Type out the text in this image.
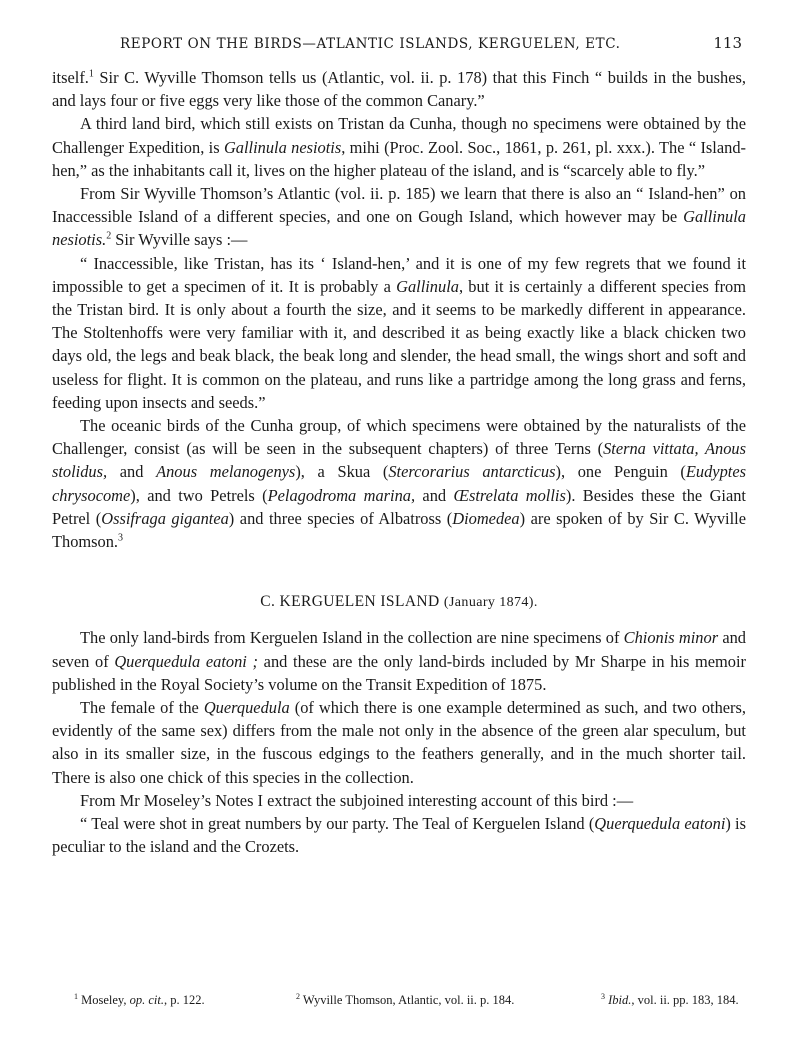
REPORT ON THE BIRDS—ATLANTIC ISLANDS, KERGUELEN, ETC.	113

itself.$^1$ Sir C. Wyville Thomson tells us (Atlantic, vol. ii. p. 178) that this Finch “ builds in the bushes, and lays four or five eggs very like those of the common Canary.”

A third land bird, which still exists on Tristan da Cunha, though no specimens were obtained by the Challenger Expedition, is Gallinula nesiotis, mihi (Proc. Zool. Soc., 1861, p. 261, pl. xxx.). The “ Island-hen,” as the inhabitants call it, lives on the higher plateau of the island, and is “scarcely able to fly.”

From Sir Wyville Thomson’s Atlantic (vol. ii. p. 185) we learn that there is also an “ Island-hen” on Inaccessible Island of a different species, and one on Gough Island, which however may be Gallinula nesiotis.$^2$ Sir Wyville says :—

“ Inaccessible, like Tristan, has its ‘ Island-hen,’ and it is one of my few regrets that we found it impossible to get a specimen of it. It is probably a Gallinula, but it is certainly a different species from the Tristan bird. It is only about a fourth the size, and it seems to be markedly different in appearance. The Stoltenhoffs were very familiar with it, and described it as being exactly like a black chicken two days old, the legs and beak black, the beak long and slender, the head small, the wings short and soft and useless for flight. It is common on the plateau, and runs like a partridge among the long grass and ferns, feeding upon insects and seeds.”

The oceanic birds of the Cunha group, of which specimens were obtained by the naturalists of the Challenger, consist (as will be seen in the subsequent chapters) of three Terns (Sterna vittata, Anous stolidus, and Anous melanogenys), a Skua (Stercorarius antarcticus), one Penguin (Eudyptes chrysocome), and two Petrels (Pelagodroma marina, and Œstrelata mollis). Besides these the Giant Petrel (Ossifraga gigantea) and three species of Albatross (Diomedea) are spoken of by Sir C. Wyville Thomson.$^3$

C. KERGUELEN ISLAND (January 1874).

The only land-birds from Kerguelen Island in the collection are nine specimens of Chionis minor and seven of Querquedula eatoni ; and these are the only land-birds included by Mr Sharpe in his memoir published in the Royal Society’s volume on the Transit Expedition of 1875.

The female of the Querquedula (of which there is one example determined as such, and two others, evidently of the same sex) differs from the male not only in the absence of the green alar speculum, but also in its smaller size, in the fuscous edgings to the feathers generally, and in the much shorter tail. There is also one chick of this species in the collection.

From Mr Moseley’s Notes I extract the subjoined interesting account of this bird :—

“ Teal were shot in great numbers by our party. The Teal of Kerguelen Island (Querquedula eatoni) is peculiar to the island and the Crozets.

$^1$ Moseley, op. cit., p. 122.	$^2$ Wyville Thomson, Atlantic, vol. ii. p. 184.	$^3$ Ibid., vol. ii. pp. 183, 184.
